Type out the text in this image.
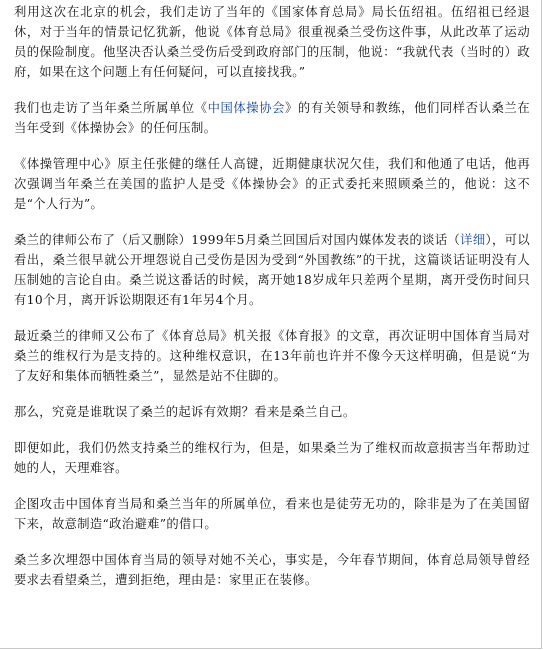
利用这次在北京的机会，我们走访了当年的《国家体育总局》局长伍绍祖。伍绍祖已经退休，对于当年的情景记忆犹新，他说《体育总局》很重视桑兰受伤这件事，从此改革了运动员的保险制度。他坚决否认桑兰受伤后受到政府部门的压制，他说：“我就代表（当时的）政府，如果在这个问题上有任何疑问，可以直接找我。”

我们也走访了当年桑兰所属单位《中国体操协会》的有关领导和教练，他们同样否认桑兰在当年受到《体操协会》的任何压制。

《体操管理中心》原主任张健的继任人高键，近期健康状况欠佳，我们和他通了电话，他再次强调当年桑兰在美国的监护人是受《体操协会》的正式委托来照顾桑兰的，他说：这不是“个人行为”。

桑兰的律师公布了（后又删除）1999年5月桑兰回国后对国内媒体发表的谈话（详细），可以看出，桑兰很早就公开埋怨说自己受伤是因为受到“外国教练”的干扰，这篇谈话证明没有人压制她的言论自由。桑兰说这番话的时候，离开她18岁成年只差两个星期，离开受伤时间只有10个月，离开诉讼期限还有1年另4个月。

最近桑兰的律师又公布了《体育总局》机关报《体育报》的文章，再次证明中国体育当局对桑兰的维权行为是支持的。这种维权意识，在13年前也许并不像今天这样明确，但是说“为了友好和集体而牺牲桑兰”，显然是站不住脚的。

那么，究竟是谁耽误了桑兰的起诉有效期？看来是桑兰自己。

即便如此，我们仍然支持桑兰的维权行为，但是，如果桑兰为了维权而故意损害当年帮助过她的人，天理难容。

企图攻击中国体育当局和桑兰当年的所属单位，看来也是徒劳无功的，除非是为了在美国留下来，故意制造“政治避难”的借口。

桑兰多次埋怨中国体育当局的领导对她不关心，事实是，今年春节期间，体育总局领导曾经要求去看望桑兰，遭到拒绝，理由是：家里正在装修。
